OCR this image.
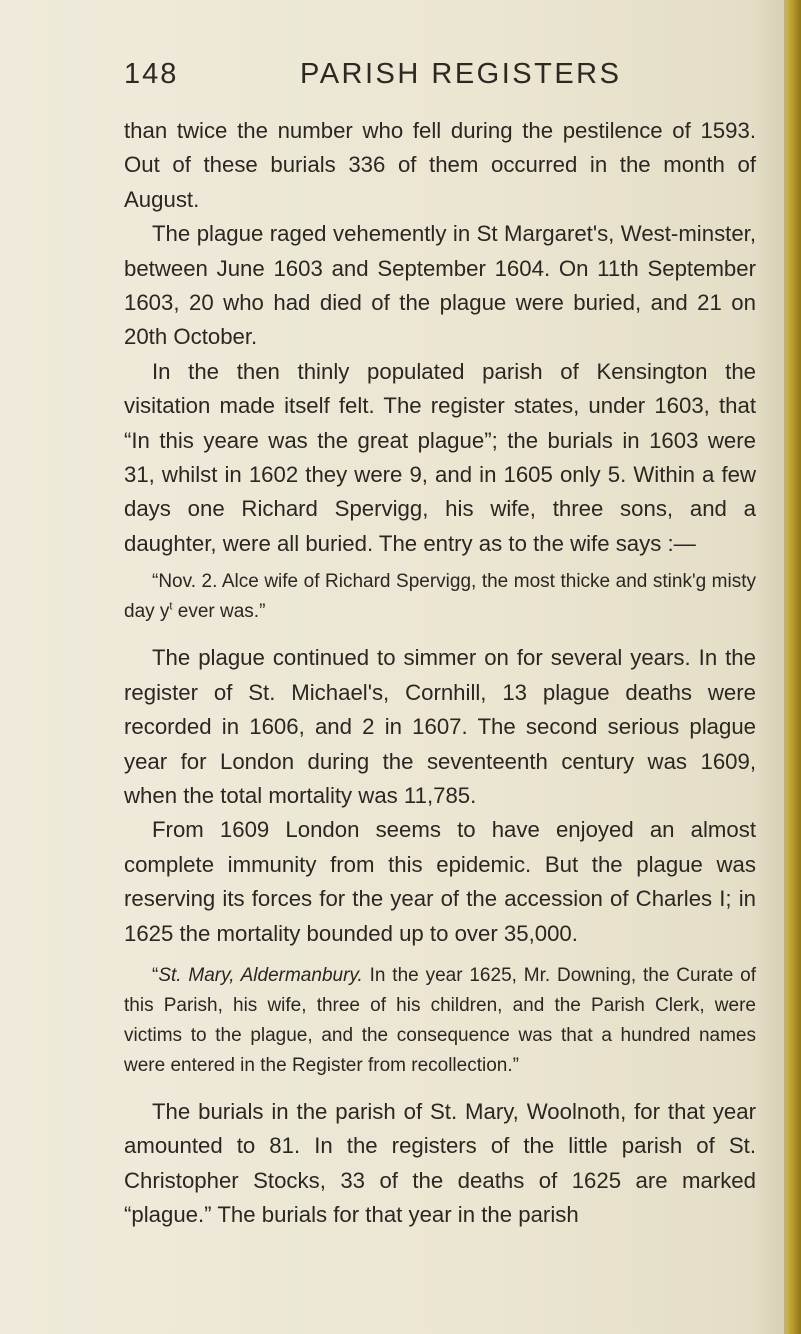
148	PARISH REGISTERS

than twice the number who fell during the pestilence of 1593. Out of these burials 336 of them occurred in the month of August.

The plague raged vehemently in St Margaret's, West-minster, between June 1603 and September 1604. On 11th September 1603, 20 who had died of the plague were buried, and 21 on 20th October.

In the then thinly populated parish of Kensington the visitation made itself felt. The register states, under 1603, that “In this yeare was the great plague”; the burials in 1603 were 31, whilst in 1602 they were 9, and in 1605 only 5. Within a few days one Richard Spervigg, his wife, three sons, and a daughter, were all buried. The entry as to the wife says :—

“Nov. 2. Alce wife of Richard Spervigg, the most thicke and stink'g misty day $y^t$ ever was.”

The plague continued to simmer on for several years. In the register of St. Michael's, Cornhill, 13 plague deaths were recorded in 1606, and 2 in 1607. The second serious plague year for London during the seventeenth century was 1609, when the total mortality was 11,785.

From 1609 London seems to have enjoyed an almost complete immunity from this epidemic. But the plague was reserving its forces for the year of the accession of Charles I; in 1625 the mortality bounded up to over 35,000.

“St. Mary, Aldermanbury. In the year 1625, Mr. Downing, the Curate of this Parish, his wife, three of his children, and the Parish Clerk, were victims to the plague, and the consequence was that a hundred names were entered in the Register from recollection.”

The burials in the parish of St. Mary, Woolnoth, for that year amounted to 81. In the registers of the little parish of St. Christopher Stocks, 33 of the deaths of 1625 are marked “plague.” The burials for that year in the parish
